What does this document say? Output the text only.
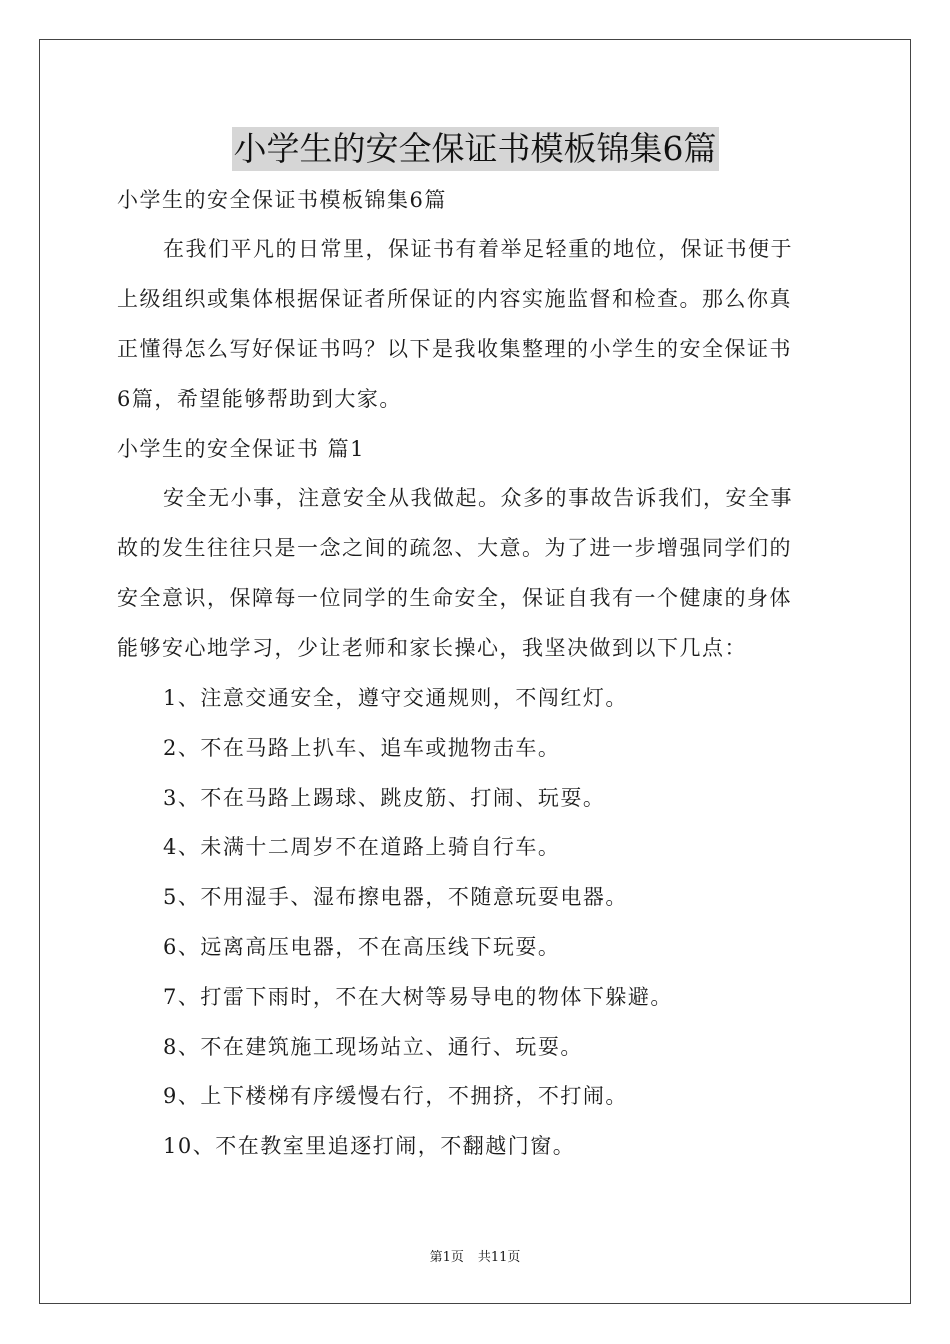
小学生的安全保证书模板锦集6篇
小学生的安全保证书模板锦集6篇
在我们平凡的日常里，保证书有着举足轻重的地位，保证书便于
上级组织或集体根据保证者所保证的内容实施监督和检查。那么你真
正懂得怎么写好保证书吗？以下是我收集整理的小学生的安全保证书
6篇，希望能够帮助到大家。
小学生的安全保证书 篇1
安全无小事，注意安全从我做起。众多的事故告诉我们，安全事
故的发生往往只是一念之间的疏忽、大意。为了进一步增强同学们的
安全意识，保障每一位同学的生命安全，保证自我有一个健康的身体
能够安心地学习，少让老师和家长操心，我坚决做到以下几点：
1、注意交通安全，遵守交通规则，不闯红灯。
2、不在马路上扒车、追车或抛物击车。
3、不在马路上踢球、跳皮筋、打闹、玩耍。
4、未满十二周岁不在道路上骑自行车。
5、不用湿手、湿布擦电器，不随意玩耍电器。
6、远离高压电器，不在高压线下玩耍。
7、打雷下雨时，不在大树等易导电的物体下躲避。
8、不在建筑施工现场站立、通行、玩耍。
9、上下楼梯有序缓慢右行，不拥挤，不打闹。
10、不在教室里追逐打闹，不翻越门窗。
第1页 共11页
